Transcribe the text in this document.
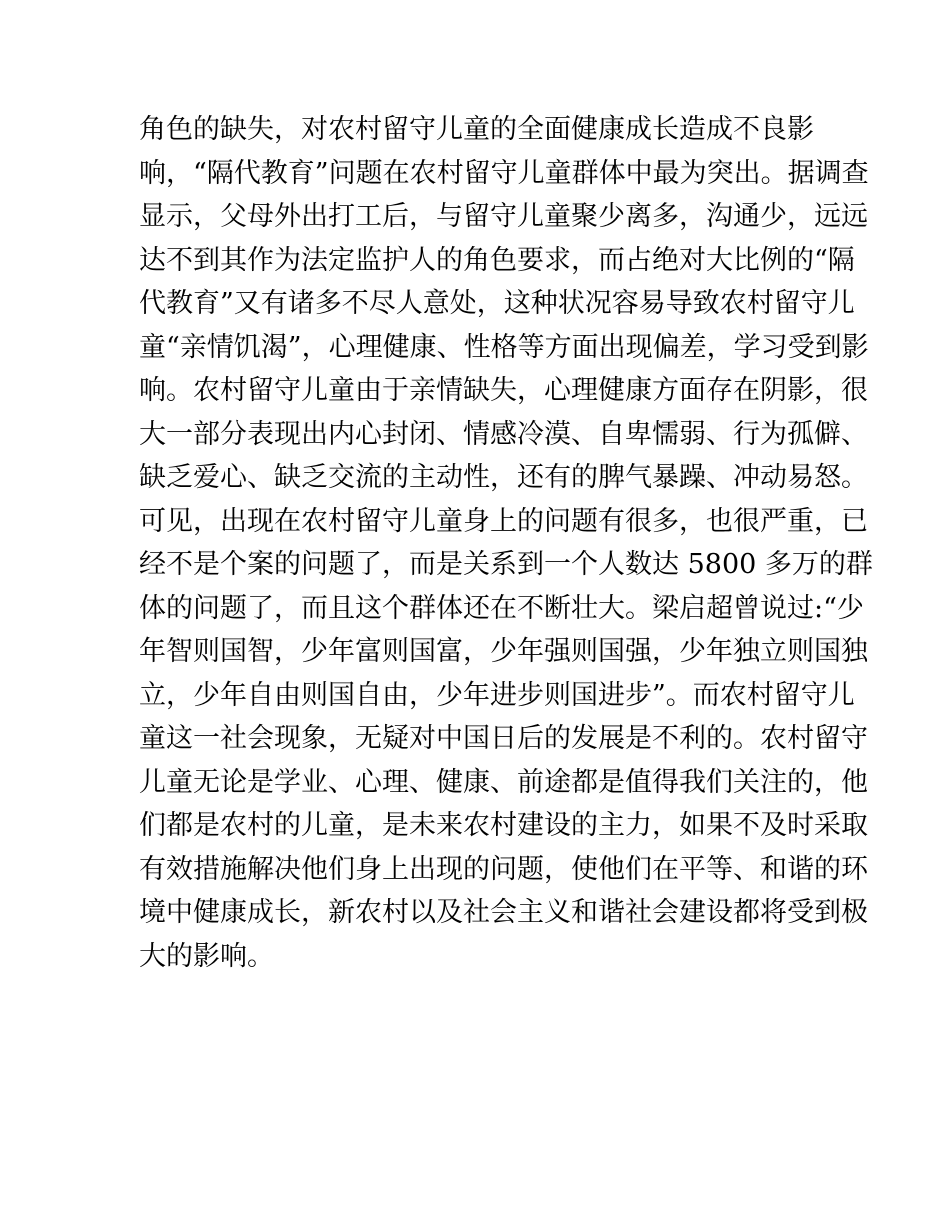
角色的缺失，对农村留守儿童的全面健康成长造成不良影
响，“隔代教育”问题在农村留守儿童群体中最为突出。据调查
显示，父母外出打工后，与留守儿童聚少离多，沟通少，远远
达不到其作为法定监护人的角色要求，而占绝对大比例的“隔
代教育”又有诸多不尽人意处，这种状况容易导致农村留守儿
童“亲情饥渴”，心理健康、性格等方面出现偏差，学习受到影
响。农村留守儿童由于亲情缺失，心理健康方面存在阴影，很
大一部分表现出内心封闭、情感冷漠、自卑懦弱、行为孤僻、
缺乏爱心、缺乏交流的主动性，还有的脾气暴躁、冲动易怒。
可见，出现在农村留守儿童身上的问题有很多，也很严重，已
经不是个案的问题了，而是关系到一个人数达 5800 多万的群
体的问题了，而且这个群体还在不断壮大。梁启超曾说过:“少
年智则国智，少年富则国富，少年强则国强，少年独立则国独
立，少年自由则国自由，少年进步则国进步”。而农村留守儿
童这一社会现象，无疑对中国日后的发展是不利的。农村留守
儿童无论是学业、心理、健康、前途都是值得我们关注的，他
们都是农村的儿童，是未来农村建设的主力，如果不及时采取
有效措施解决他们身上出现的问题，使他们在平等、和谐的环
境中健康成长，新农村以及社会主义和谐社会建设都将受到极
大的影响。
